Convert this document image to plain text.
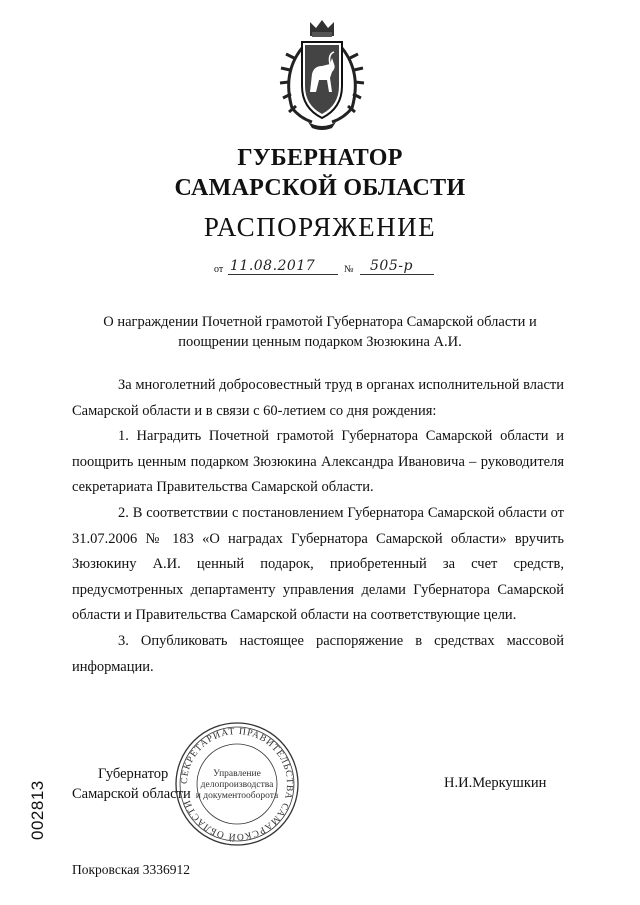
ГУБЕРНАТОР
САМАРСКОЙ ОБЛАСТИ
РАСПОРЯЖЕНИЕ
от 11.08.2017	№ 505-р
О награждении Почетной грамотой Губернатора Самарской области и
поощрении ценным подарком Зюзюкина А.И.

За многолетний добросовестный труд в органах исполнительной власти Самарской области и в связи с 60-летием со дня рождения:

1. Наградить Почетной грамотой Губернатора Самарской области и поощрить ценным подарком Зюзюкина Александра Ивановича – руководителя секретариата Правительства Самарской области.

2. В соответствии с постановлением Губернатора Самарской области от 31.07.2006 № 183 «О наградах Губернатора Самарской области» вручить Зюзюкину А.И. ценный подарок, приобретенный за счет средств, предусмотренных департаменту управления делами Губернатора Самарской области и Правительства Самарской области на соответствующие цели.

3. Опубликовать настоящее распоряжение в средствах массовой информации.

Губернатор
Самарской области
Н.И.Меркушкин
СЕКРЕТАРИАТ ПРАВИТЕЛЬСТВА САМАРСКОЙ ОБЛАСТИ
Управление
делопроизводства
и документооборота
002813
Покровская 3336912
